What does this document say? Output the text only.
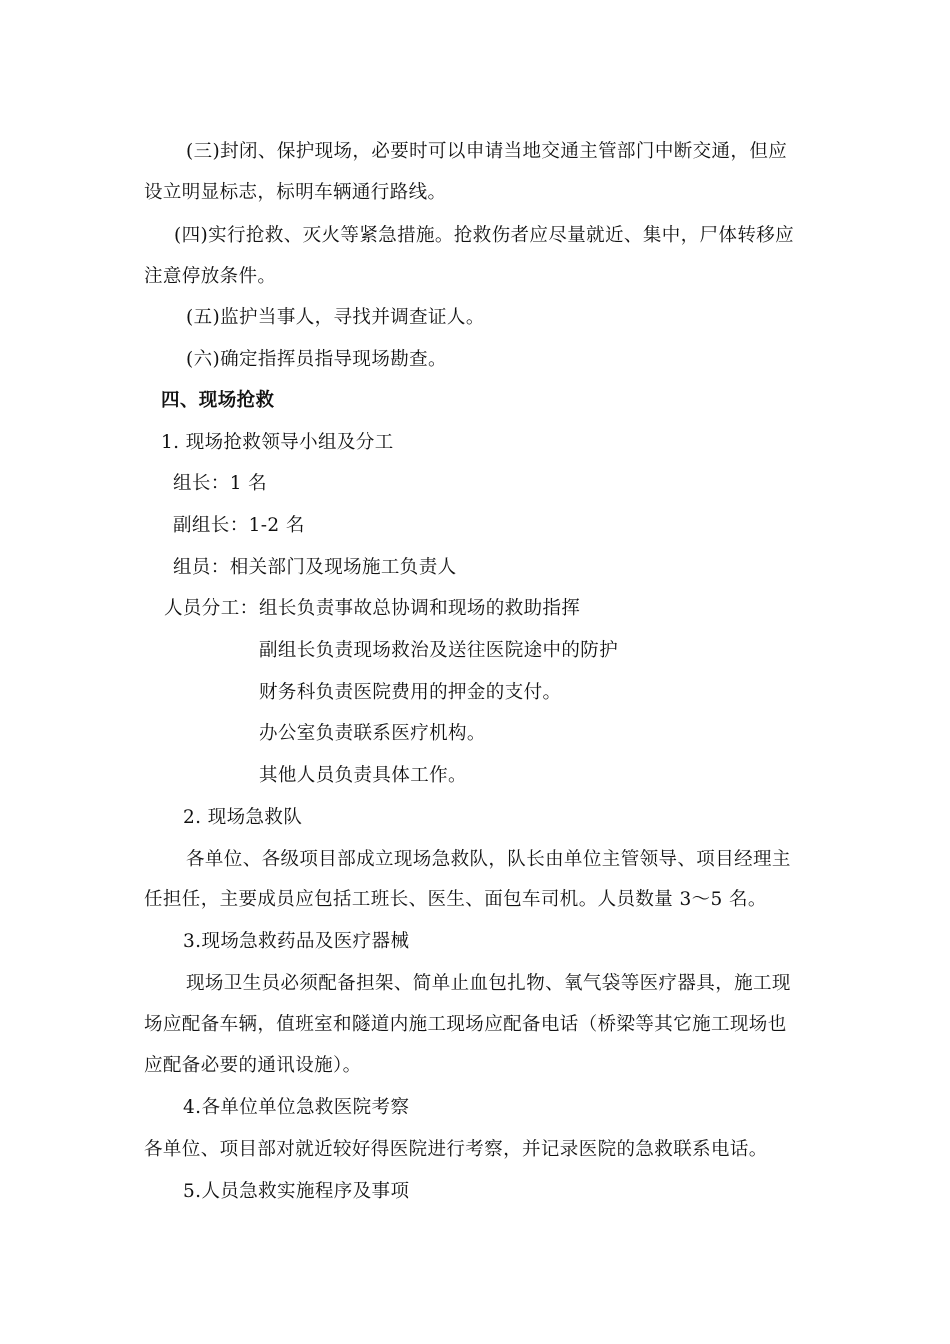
(三)封闭、保护现场，必要时可以申请当地交通主管部门中断交通，但应
设立明显标志，标明车辆通行路线。
(四)实行抢救、灭火等紧急措施。抢救伤者应尽量就近、集中，尸体转移应
注意停放条件。
(五)监护当事人，寻找并调查证人。
(六)确定指挥员指导现场勘查。
四、现场抢救
1. 现场抢救领导小组及分工
组长：1 名
副组长：1-2 名
组员：相关部门及现场施工负责人
人员分工： 组长负责事故总协调和现场的救助指挥
副组长负责现场救治及送往医院途中的防护
财务科负责医院费用的押金的支付。
办公室负责联系医疗机构。
其他人员负责具体工作。
2. 现场急救队
各单位、各级项目部成立现场急救队，队长由单位主管领导、项目经理主
任担任，主要成员应包括工班长、医生、面包车司机。人员数量 3～5 名。
3.现场急救药品及医疗器械
现场卫生员必须配备担架、简单止血包扎物、氧气袋等医疗器具，施工现
场应配备车辆，值班室和隧道内施工现场应配备电话（桥梁等其它施工现场也
应配备必要的通讯设施）。
4.各单位单位急救医院考察
各单位、项目部对就近较好得医院进行考察，并记录医院的急救联系电话。
5.人员急救实施程序及事项
